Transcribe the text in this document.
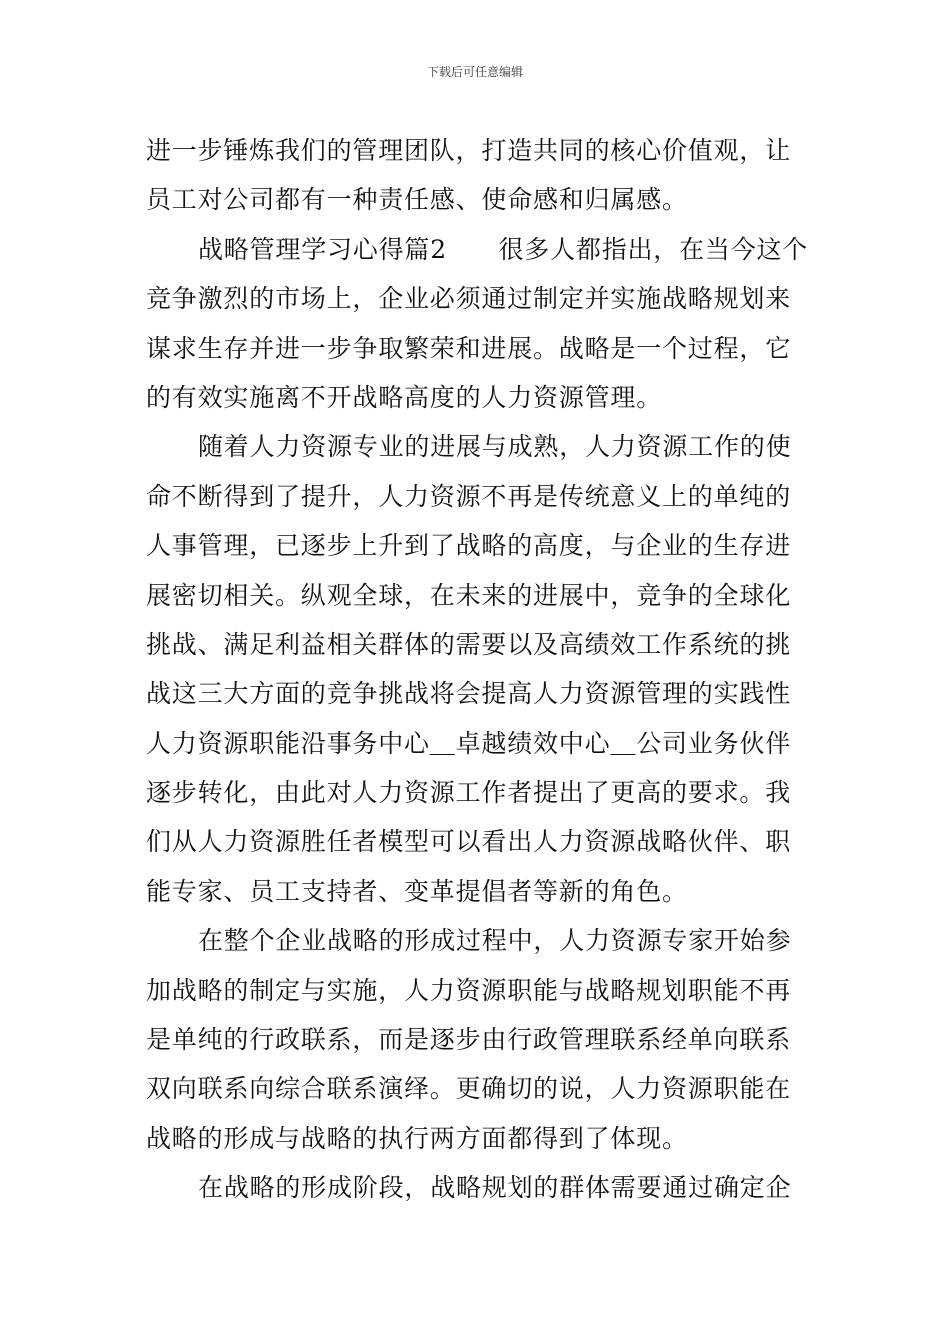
下载后可任意编辑
进一步锤炼我们的管理团队，打造共同的核心价值观，让
员工对公司都有一种责任感、使命感和归属感。
战略管理学习心得篇2　　很多人都指出，在当今这个
竞争激烈的市场上，企业必须通过制定并实施战略规划来
谋求生存并进一步争取繁荣和进展。战略是一个过程，它
的有效实施离不开战略高度的人力资源管理。
随着人力资源专业的进展与成熟，人力资源工作的使
命不断得到了提升，人力资源不再是传统意义上的单纯的
人事管理，已逐步上升到了战略的高度，与企业的生存进
展密切相关。纵观全球，在未来的进展中，竞争的全球化
挑战、满足利益相关群体的需要以及高绩效工作系统的挑
战这三大方面的竞争挑战将会提高人力资源管理的实践性
人力资源职能沿事务中心＿卓越绩效中心＿公司业务伙伴
逐步转化，由此对人力资源工作者提出了更高的要求。我
们从人力资源胜任者模型可以看出人力资源战略伙伴、职
能专家、员工支持者、变革提倡者等新的角色。
在整个企业战略的形成过程中，人力资源专家开始参
加战略的制定与实施，人力资源职能与战略规划职能不再
是单纯的行政联系，而是逐步由行政管理联系经单向联系
双向联系向综合联系演绎。更确切的说，人力资源职能在
战略的形成与战略的执行两方面都得到了体现。
在战略的形成阶段，战略规划的群体需要通过确定企
